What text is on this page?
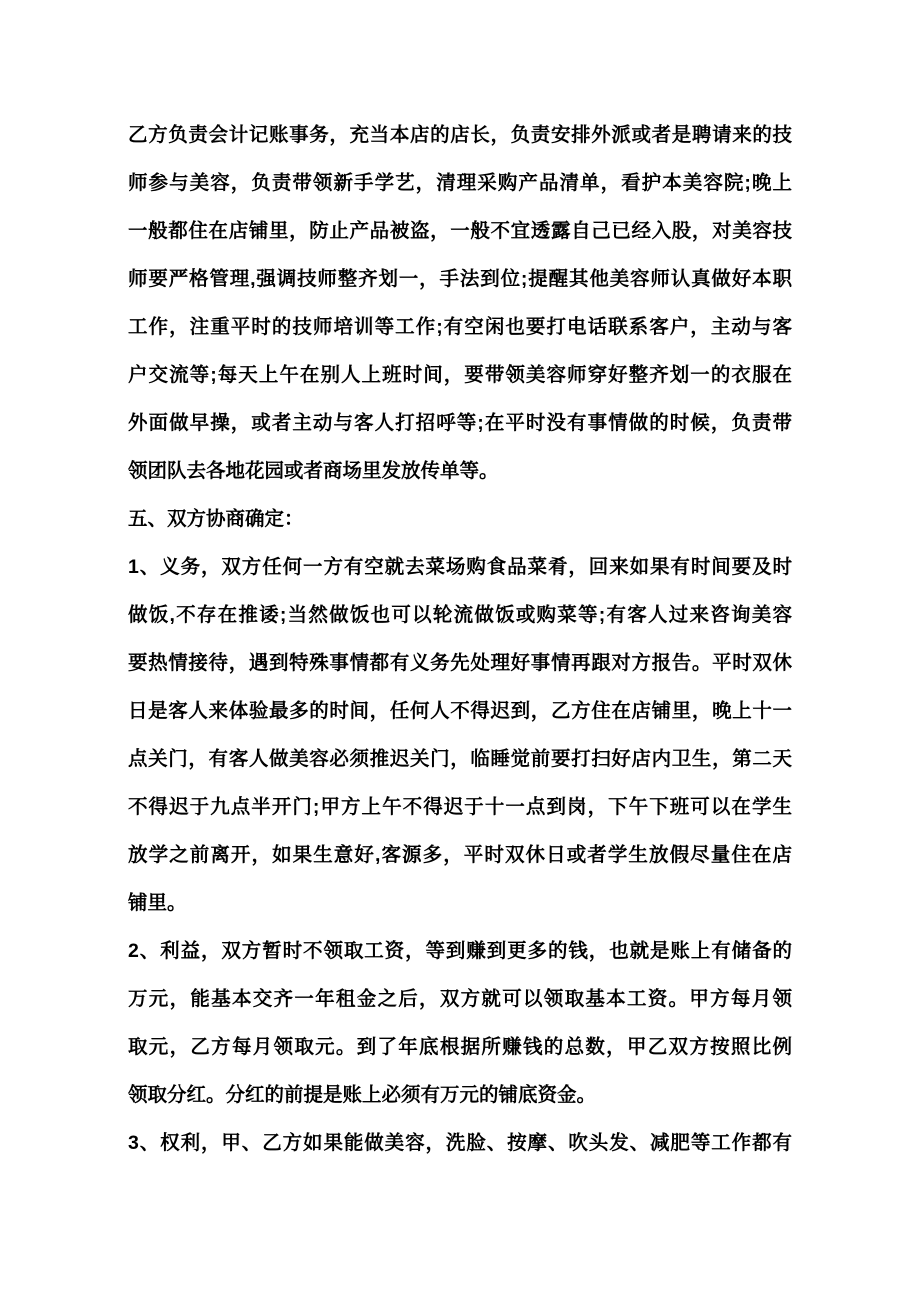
乙方负责会计记账事务，充当本店的店长，负责安排外派或者是聘请来的技
师参与美容，负责带领新手学艺，清理采购产品清单，看护本美容院;晚上
一般都住在店铺里，防止产品被盗，一般不宜透露自己已经入股，对美容技
师要严格管理,强调技师整齐划一，手法到位;提醒其他美容师认真做好本职
工作，注重平时的技师培训等工作;有空闲也要打电话联系客户，主动与客
户交流等;每天上午在别人上班时间，要带领美容师穿好整齐划一的衣服在
外面做早操，或者主动与客人打招呼等;在平时没有事情做的时候，负责带
领团队去各地花园或者商场里发放传单等。
五、双方协商确定：
1、义务，双方任何一方有空就去菜场购食品菜肴，回来如果有时间要及时
做饭,不存在推诿;当然做饭也可以轮流做饭或购菜等;有客人过来咨询美容
要热情接待，遇到特殊事情都有义务先处理好事情再跟对方报告。平时双休
日是客人来体验最多的时间，任何人不得迟到，乙方住在店铺里，晚上十一
点关门，有客人做美容必须推迟关门，临睡觉前要打扫好店内卫生，第二天
不得迟于九点半开门;甲方上午不得迟于十一点到岗，下午下班可以在学生
放学之前离开，如果生意好,客源多，平时双休日或者学生放假尽量住在店
铺里。
2、利益，双方暂时不领取工资，等到赚到更多的钱，也就是账上有储备的
万元，能基本交齐一年租金之后，双方就可以领取基本工资。甲方每月领
取元，乙方每月领取元。到了年底根据所赚钱的总数，甲乙双方按照比例
领取分红。分红的前提是账上必须有万元的铺底资金。
3、权利，甲、乙方如果能做美容，洗脸、按摩、吹头发、减肥等工作都有
